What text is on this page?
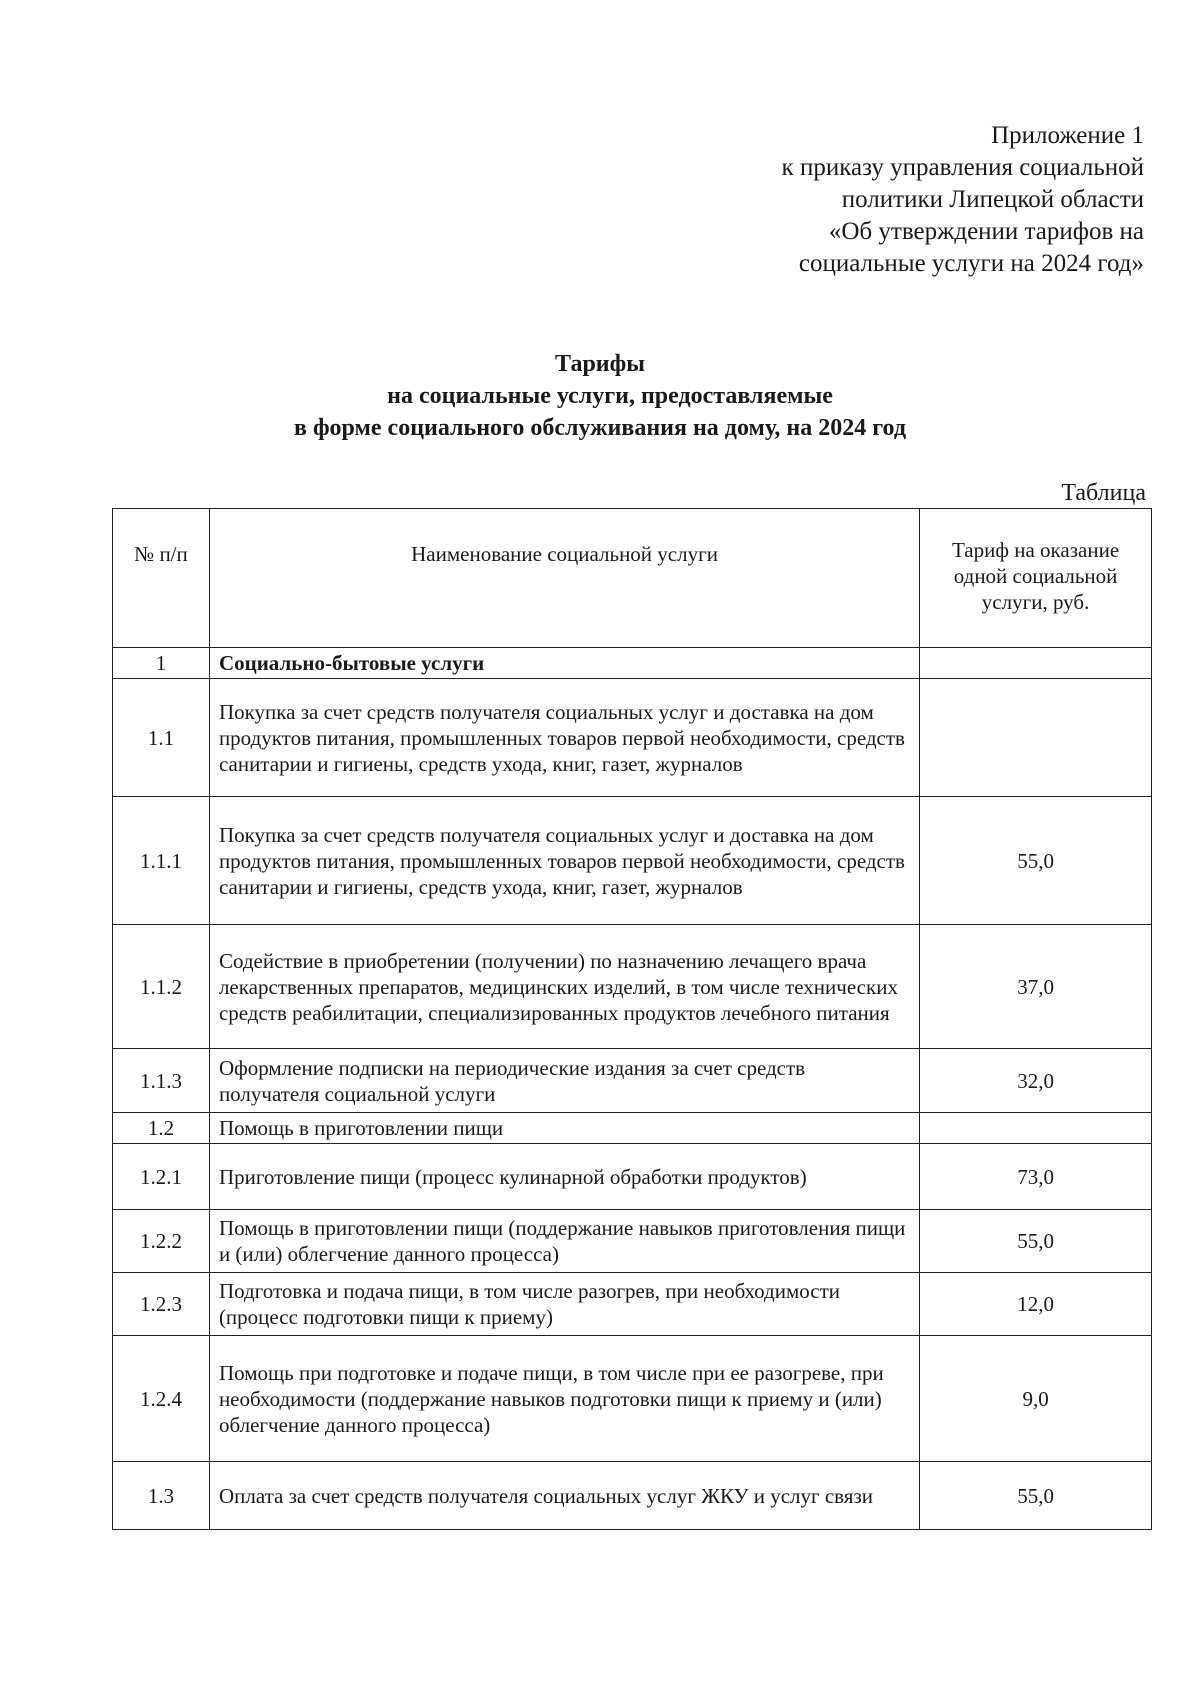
Приложение 1
к приказу управления социальной
политики Липецкой области
«Об утверждении тарифов на
социальные услуги на 2024 год»
Тарифы
на социальные услуги, предоставляемые
в форме социального обслуживания на дому, на 2024 год
Таблица
№ п/п	Наименование социальной услуги	Тариф на оказание одной социальной услуги, руб.
1	Социально-бытовые услуги	
1.1	Покупка за счет средств получателя социальных услуг и доставка на дом продуктов питания, промышленных товаров первой необходимости, средств санитарии и гигиены, средств ухода, книг, газет, журналов	
1.1.1	Покупка за счет средств получателя социальных услуг и доставка на дом продуктов питания, промышленных товаров первой необходимости, средств санитарии и гигиены, средств ухода, книг, газет, журналов	55,0
1.1.2	Содействие в приобретении (получении) по назначению лечащего врача лекарственных препаратов, медицинских изделий, в том числе технических средств реабилитации, специализированных продуктов лечебного питания	37,0
1.1.3	Оформление подписки на периодические издания за счет средств получателя социальной услуги	32,0
1.2	Помощь в приготовлении пищи	
1.2.1	Приготовление пищи (процесс кулинарной обработки продуктов)	73,0
1.2.2	Помощь в приготовлении пищи (поддержание навыков приготовления пищи и (или) облегчение данного процесса)	55,0
1.2.3	Подготовка и подача пищи, в том числе разогрев, при необходимости (процесс подготовки пищи к приему)	12,0
1.2.4	Помощь при подготовке и подаче пищи, в том числе при ее разогреве, при необходимости (поддержание навыков подготовки пищи к приему и (или) облегчение данного процесса)	9,0
1.3	Оплата за счет средств получателя социальных услуг ЖКУ и услуг связи	55,0
